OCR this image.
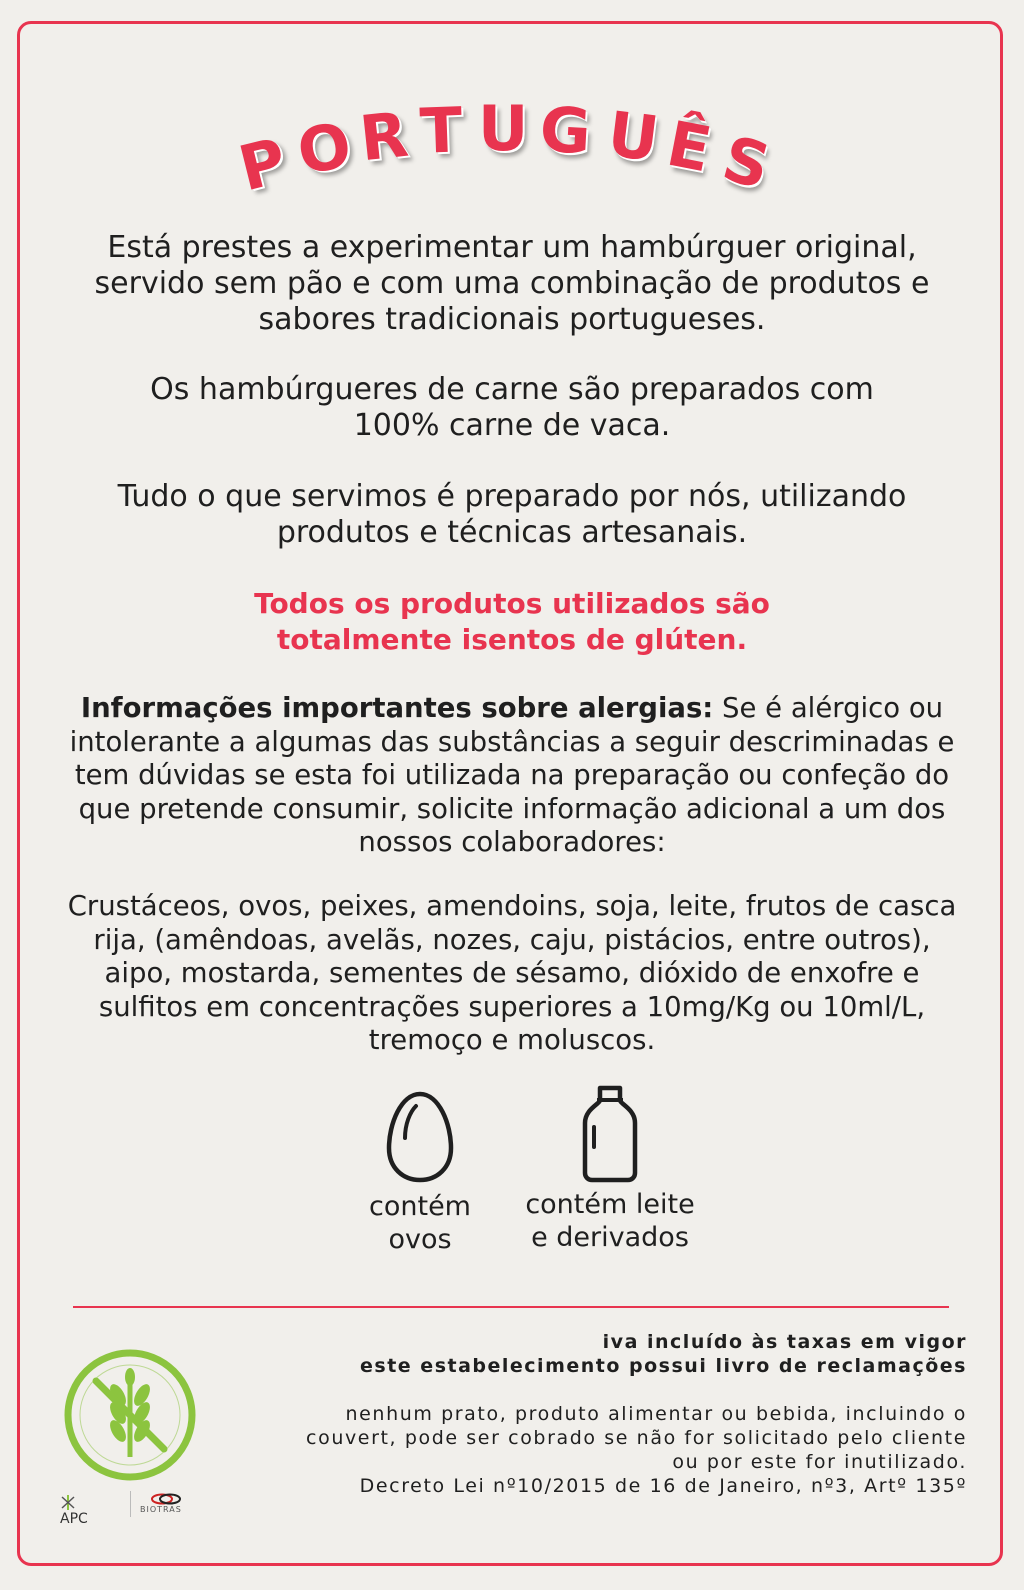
P
O R T U G U
Ê
S
Está prestes a experimentar um hambúrguer original,
servido sem pão e com uma combinação de produtos e
sabores tradicionais portugueses.
Os hambúrgueres de carne são preparados com
100% carne de vaca.
Tudo o que servimos é preparado por nós, utilizando
produtos e técnicas artesanais.
Todos os produtos utilizados são
totalmente isentos de glúten.
Informações importantes sobre alergias: Se é alérgico ou
intolerante a algumas das substâncias a seguir descriminadas e
tem dúvidas se esta foi utilizada na preparação ou confeção do
que pretende consumir, solicite informação adicional a um dos
nossos colaboradores:
Crustáceos, ovos, peixes, amendoins, soja, leite, frutos de casca
rija, (amêndoas, avelãs, nozes, caju, pistácios, entre outros),
aipo, mostarda, sementes de sésamo, dióxido de enxofre e
sulfitos em concentrações superiores a 10mg/Kg ou 10ml/L,
tremoço e moluscos.
contém
ovos
contém leite
e derivados
iva incluído às taxas em vigor
este estabelecimento possui livro de reclamações
nenhum prato, produto alimentar ou bebida, incluindo o
couvert, pode ser cobrado se não for solicitado pelo cliente
ou por este for inutilizado.
Decreto Lei nº10/2015 de 16 de Janeiro, nº3, Artº 135º
APC
BIOTRAS
